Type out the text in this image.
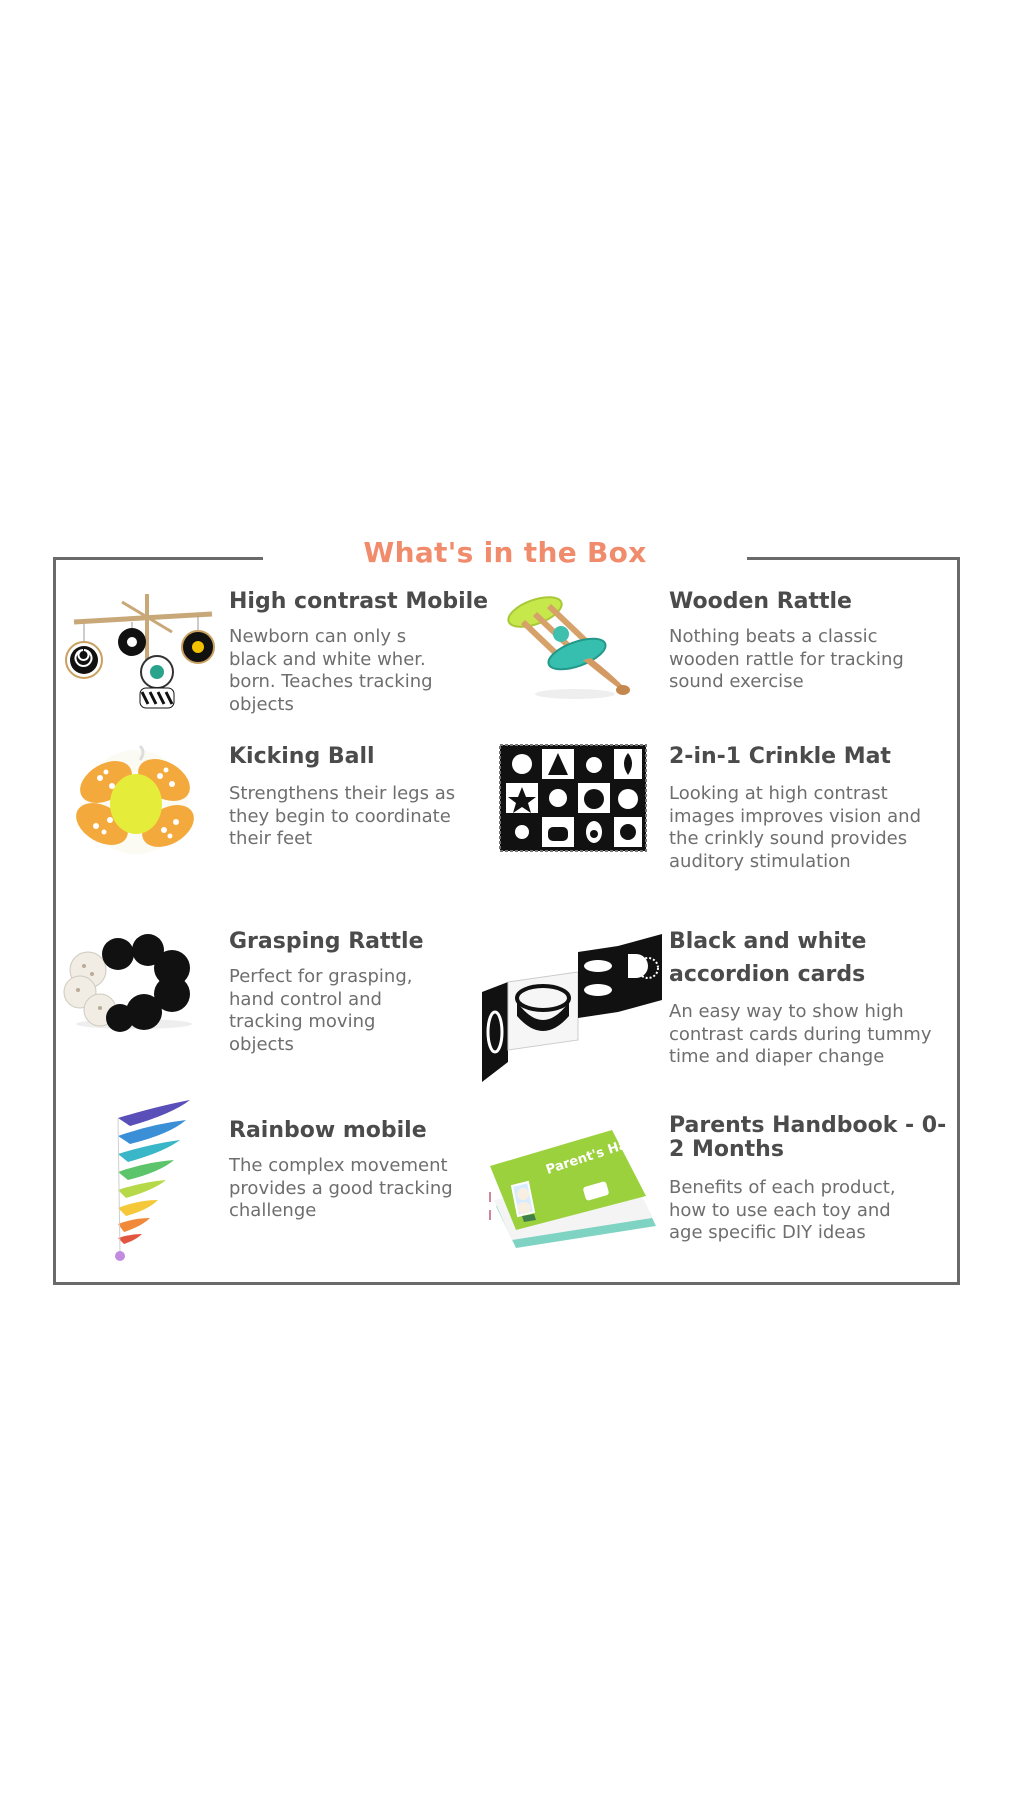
What's in the Box
High contrast Mobile
Newborn can only s black and white wher. born. Teaches tracking objects
Wooden Rattle
Nothing beats a classic wooden rattle for tracking sound exercise
Kicking Ball
Strengthens their legs as they begin to coordinate their feet
2-in-1 Crinkle Mat
Looking at high contrast images improves vision and the crinkly sound provides auditory stimulation
Grasping Rattle
Perfect for grasping, hand control and tracking moving objects
Black and white accordion cards
An easy way to show high contrast cards during tummy time and diaper change
Rainbow mobile
The complex movement provides a good tracking challenge
Parent's Handbook
Parents Handbook - 0-2 Months
Benefits of each product, how to use each toy and age specific DIY ideas
